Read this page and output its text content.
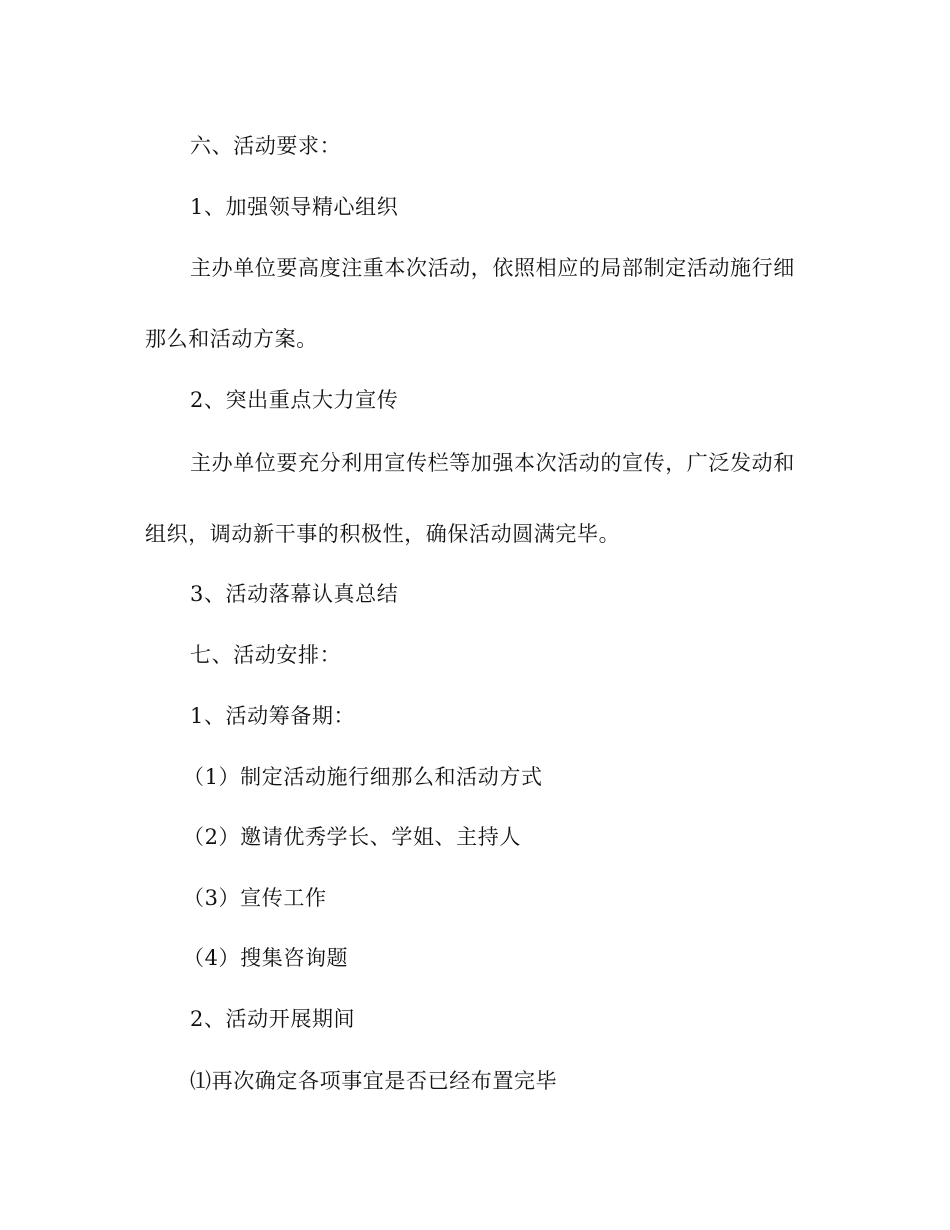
六、活动要求：
1、加强领导精心组织
主办单位要高度注重本次活动，依照相应的局部制定活动施行细
那么和活动方案。
2、突出重点大力宣传
主办单位要充分利用宣传栏等加强本次活动的宣传，广泛发动和
组织，调动新干事的积极性，确保活动圆满完毕。
3、活动落幕认真总结
七、活动安排：
1、活动筹备期：
（1）制定活动施行细那么和活动方式
（2）邀请优秀学长、学姐、主持人
（3）宣传工作
（4）搜集咨询题
2、活动开展期间
⑴再次确定各项事宜是否已经布置完毕
